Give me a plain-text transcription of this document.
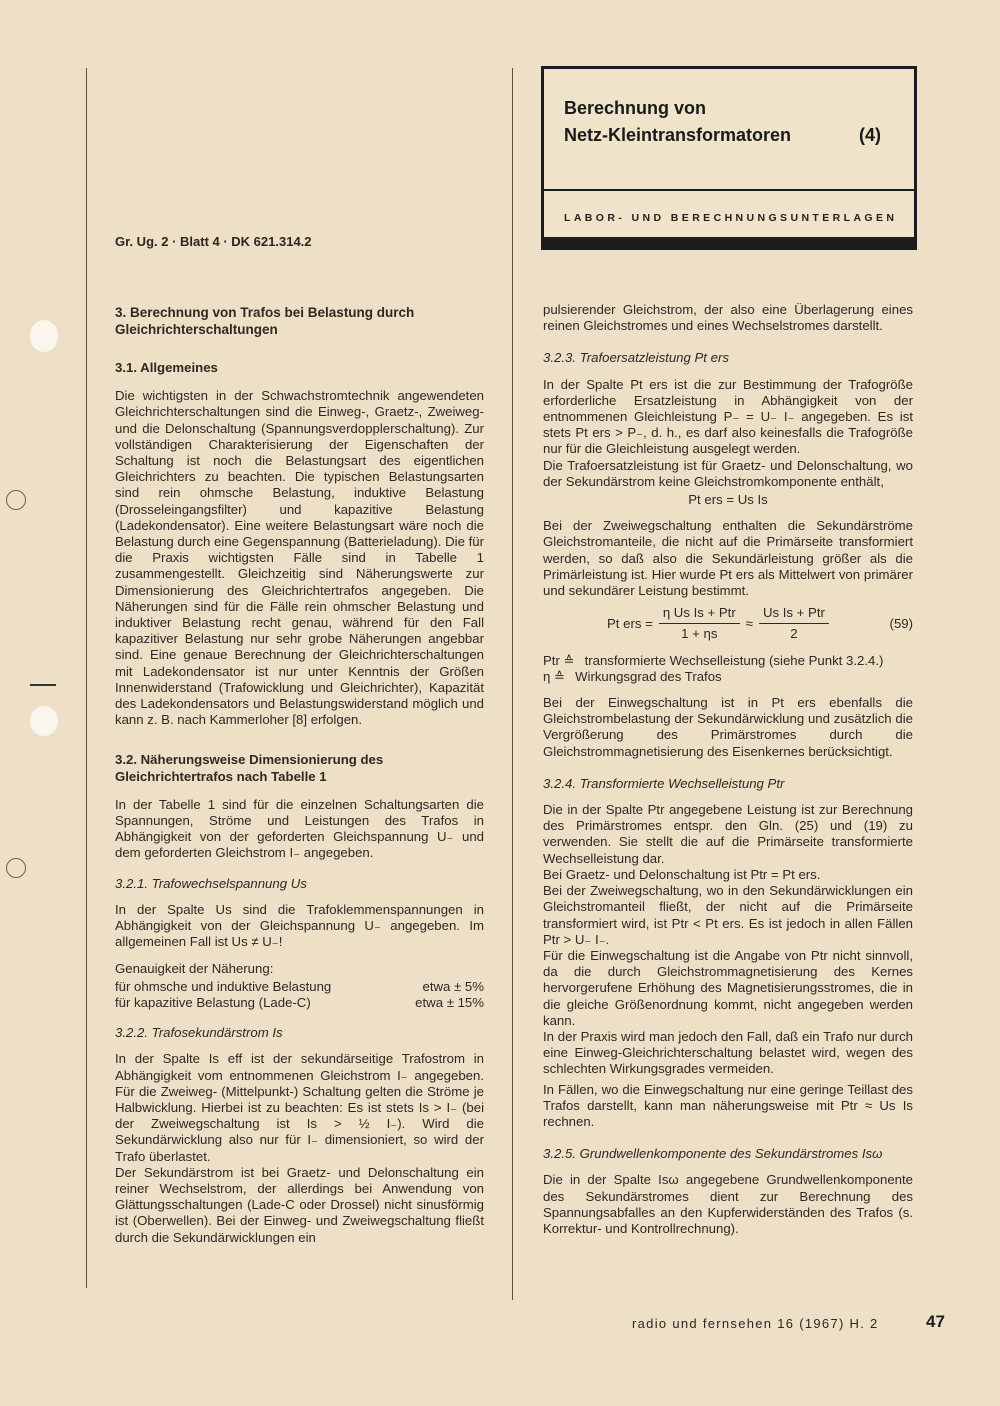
Berechnung von
Netz-Kleintransformatoren	(4)
LABOR- UND BERECHNUNGSUNTERLAGEN
Gr. Ug. 2 · Blatt 4 · DK 621.314.2
3. Berechnung von Trafos bei Belastung durch Gleichrichterschaltungen
3.1. Allgemeines

Die wichtigsten in der Schwachstromtechnik angewendeten Gleichrichterschaltungen sind die Einweg-, Graetz-, Zweiweg- und die Delonschaltung (Spannungsverdopplerschaltung). Zur vollständigen Charakterisierung der Eigenschaften der Schaltung ist noch die Belastungsart des eigentlichen Gleichrichters zu beachten. Die typischen Belastungsarten sind rein ohmsche Belastung, induktive Belastung (Drosseleingangsfilter) und kapazitive Belastung (Ladekondensator). Eine weitere Belastungsart wäre noch die Belastung durch eine Gegenspannung (Batterieladung). Die für die Praxis wichtigsten Fälle sind in Tabelle 1 zusammengestellt. Gleichzeitig sind Näherungswerte zur Dimensionierung des Gleichrichtertrafos angegeben. Die Näherungen sind für die Fälle rein ohmscher Belastung und induktiver Belastung recht genau, während für den Fall kapazitiver Belastung nur sehr grobe Näherungen angebbar sind. Eine genaue Berechnung der Gleichrichterschaltungen mit Ladekondensator ist nur unter Kenntnis der Größen Innenwiderstand (Trafowicklung und Gleichrichter), Kapazität des Ladekondensators und Belastungswiderstand möglich und kann z. B. nach Kammerloher [8] erfolgen.

3.2. Näherungsweise Dimensionierung des Gleichrichtertrafos nach Tabelle 1

In der Tabelle 1 sind für die einzelnen Schaltungsarten die Spannungen, Ströme und Leistungen des Trafos in Abhängigkeit von der geforderten Gleichspannung U₋ und dem geforderten Gleichstrom I₋ angegeben.

3.2.1. Trafowechselspannung Us

In der Spalte Us sind die Trafoklemmenspannungen in Abhängigkeit von der Gleichspannung U₋ angegeben. Im allgemeinen Fall ist Us ≠ U₋!

Genauigkeit der Näherung:
für ohmsche und induktive Belastung	etwa ± 5%
für kapazitive Belastung (Lade-C)	etwa ± 15%
3.2.2. Trafosekundärstrom Is

In der Spalte Is eff ist der sekundärseitige Trafostrom in Abhängigkeit vom entnommenen Gleichstrom I₋ angegeben. Für die Zweiweg- (Mittelpunkt-) Schaltung gelten die Ströme je Halbwicklung. Hierbei ist zu beachten: Es ist stets Is > I₋ (bei der Zweiwegschaltung ist Is > ½ I₋). Wird die Sekundärwicklung also nur für I₋ dimensioniert, so wird der Trafo überlastet.

Der Sekundärstrom ist bei Graetz- und Delonschaltung ein reiner Wechselstrom, der allerdings bei Anwendung von Glättungsschaltungen (Lade-C oder Drossel) nicht sinusförmig ist (Oberwellen). Bei der Einweg- und Zweiwegschaltung fließt durch die Sekundärwicklungen ein

pulsierender Gleichstrom, der also eine Überlagerung eines reinen Gleichstromes und eines Wechselstromes darstellt.

3.2.3. Trafoersatzleistung Pt ers

In der Spalte Pt ers ist die zur Bestimmung der Trafogröße erforderliche Ersatzleistung in Abhängigkeit von der entnommenen Gleichleistung P₋ = U₋ I₋ angegeben. Es ist stets Pt ers > P₋, d. h., es darf also keinesfalls die Trafogröße nur für die Gleichleistung ausgelegt werden.

Die Trafoersatzleistung ist für Graetz- und Delonschaltung, wo der Sekundärstrom keine Gleichstromkomponente enthält,

Pt ers = Us Is

Bei der Zweiwegschaltung enthalten die Sekundärströme Gleichstromanteile, die nicht auf die Primärseite transformiert werden, so daß also die Sekundärleistung größer als die Primärleistung ist. Hier wurde Pt ers als Mittelwert von primärer und sekundärer Leistung bestimmt.

Pt ers = $\frac{\text{η Us Is + Ptr}}{1 + \eta s} \approx \frac{\text{Us Is + Ptr}}{2}$	(59)
Ptr ≙ transformierte Wechselleistung (siehe Punkt 3.2.4.)
η ≙ Wirkungsgrad des Trafos

Bei der Einwegschaltung ist in Pt ers ebenfalls die Gleichstrombelastung der Sekundärwicklung und zusätzlich die Vergrößerung des Primärstromes durch die Gleichstrommagnetisierung des Eisenkernes berücksichtigt.

3.2.4. Transformierte Wechselleistung Ptr

Die in der Spalte Ptr angegebene Leistung ist zur Berechnung des Primärstromes entspr. den Gln. (25) und (19) zu verwenden. Sie stellt die auf die Primärseite transformierte Wechselleistung dar.

Bei Graetz- und Delonschaltung ist Ptr = Pt ers.

Bei der Zweiwegschaltung, wo in den Sekundärwicklungen ein Gleichstromanteil fließt, der nicht auf die Primärseite transformiert wird, ist Ptr < Pt ers. Es ist jedoch in allen Fällen Ptr > U₋ I₋.

Für die Einwegschaltung ist die Angabe von Ptr nicht sinnvoll, da die durch Gleichstrommagnetisierung des Kernes hervorgerufene Erhöhung des Magnetisierungsstromes, die in die gleiche Größenordnung kommt, nicht angegeben werden kann.

In der Praxis wird man jedoch den Fall, daß ein Trafo nur durch eine Einweg-Gleichrichterschaltung belastet wird, wegen des schlechten Wirkungsgrades vermeiden.

In Fällen, wo die Einwegschaltung nur eine geringe Teillast des Trafos darstellt, kann man näherungsweise mit Ptr ≈ Us Is rechnen.

3.2.5. Grundwellenkomponente des Sekundärstromes Isω

Die in der Spalte Isω angegebene Grundwellenkomponente des Sekundärstromes dient zur Berechnung des Spannungsabfalles an den Kupferwiderständen des Trafos (s. Korrektur- und Kontrollrechnung).

radio und fernsehen 16 (1967) H. 2	47
